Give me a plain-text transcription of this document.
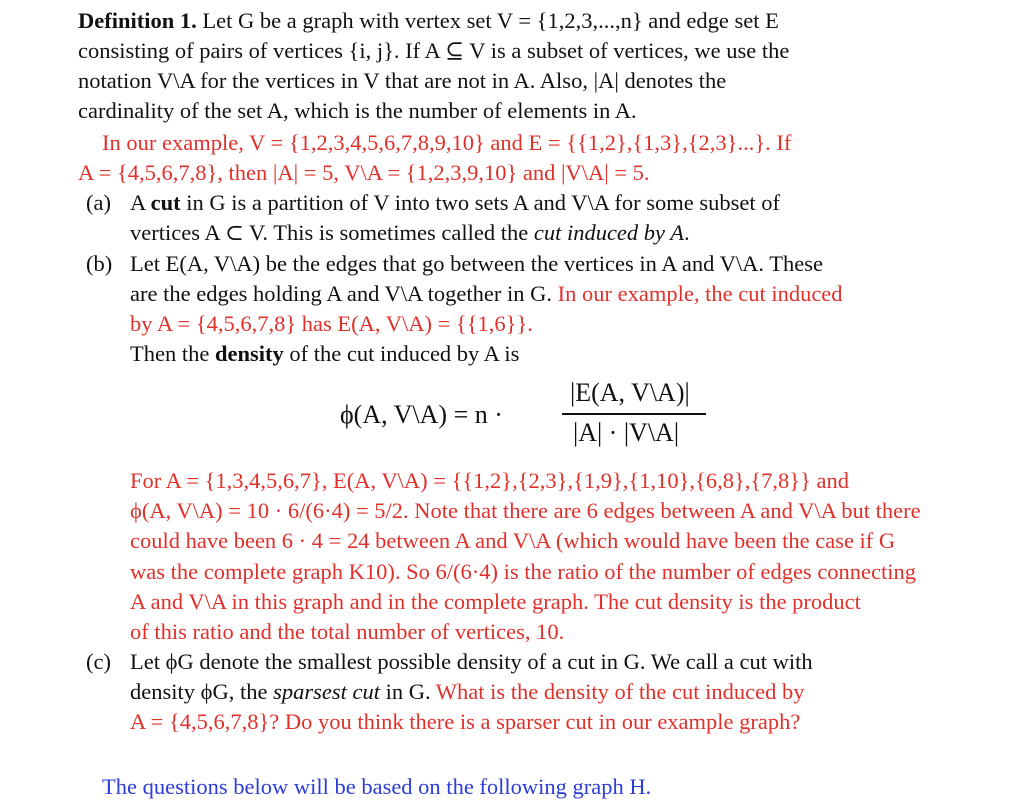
Definition 1. Let G be a graph with vertex set V = {1,2,3,...,n} and edge set E
consisting of pairs of vertices {i, j}. If A ⊆ V is a subset of vertices, we use the
notation V\A for the vertices in V that are not in A. Also, |A| denotes the
cardinality of the set A, which is the number of elements in A.
In our example, V = {1,2,3,4,5,6,7,8,9,10} and E = {{1,2},{1,3},{2,3}...}. If
A = {4,5,6,7,8}, then |A| = 5, V\A = {1,2,3,9,10} and |V\A| = 5.
(a) A cut in G is a partition of V into two sets A and V\A for some subset of
vertices A ⊂ V. This is sometimes called the cut induced by A.
(b) Let E(A, V\A) be the edges that go between the vertices in A and V\A. These
are the edges holding A and V\A together in G. In our example, the cut induced
by A = {4,5,6,7,8} has E(A, V\A) = {{1,6}}.
Then the density of the cut induced by A is
ϕ(A, V\A) = n ·
|E(A, V\A)|
|A| · |V\A|
For A = {1,3,4,5,6,7}, E(A, V\A) = {{1,2},{2,3},{1,9},{1,10},{6,8},{7,8}} and
ϕ(A, V\A) = 10 · 6/(6·4) = 5/2. Note that there are 6 edges between A and V\A but there
could have been 6 · 4 = 24 between A and V\A (which would have been the case if G
was the complete graph K10). So 6/(6·4) is the ratio of the number of edges connecting
A and V\A in this graph and in the complete graph. The cut density is the product
of this ratio and the total number of vertices, 10.
(c) Let ϕG denote the smallest possible density of a cut in G. We call a cut with
density ϕG, the sparsest cut in G. What is the density of the cut induced by
A = {4,5,6,7,8}? Do you think there is a sparser cut in our example graph?
The questions below will be based on the following graph H.
